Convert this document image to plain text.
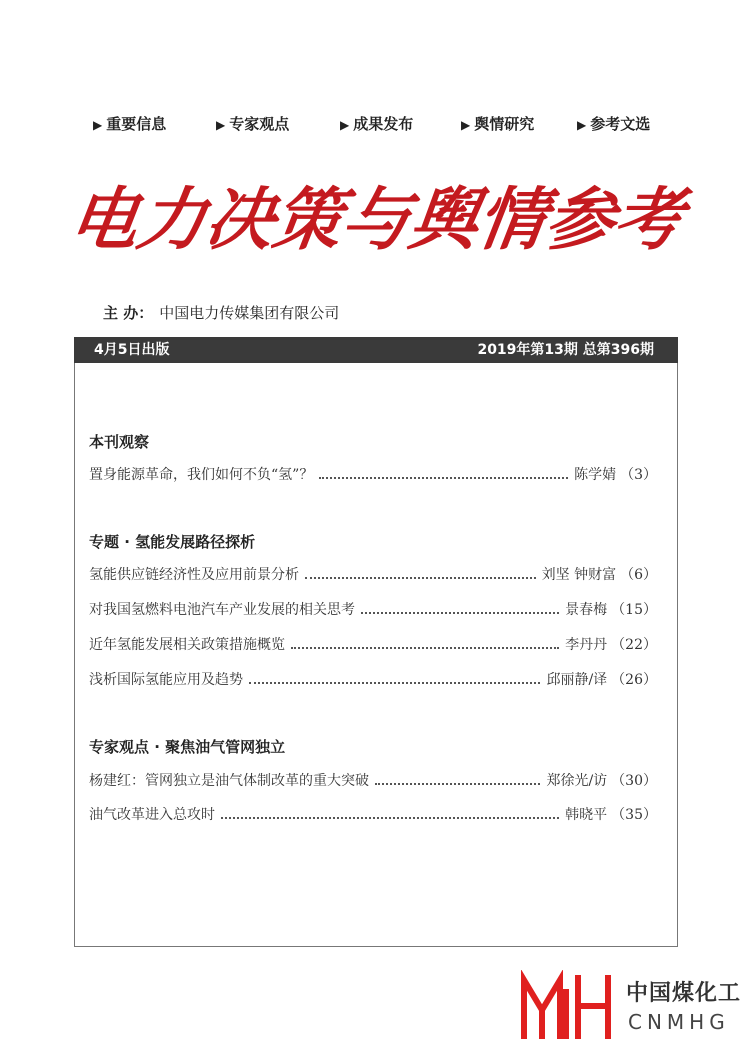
▶ 重要信息	▶ 专家观点	▶ 成果发布	▶ 舆情研究	▶ 参考文选
电
力
决
策
与
舆
情
参
考
主 办： 中国电力传媒集团有限公司
4月5日出版	2019年第13期 总第396期
本刊观察
置身能源革命，我们如何不负“氢”？	陈学婧 （3）
专题 · 氢能发展路径探析
氢能供应链经济性及应用前景分析	刘坚 钟财富 （6）
对我国氢燃料电池汽车产业发展的相关思考	景春梅 （15）
近年氢能发展相关政策措施概览	李丹丹 （22）
浅析国际氢能应用及趋势	邱丽静/译 （26）
专家观点 · 聚焦油气管网独立
杨建红：管网独立是油气体制改革的重大突破	郑徐光/访 （30）
油气改革进入总攻时	韩晓平 （35）
中国煤化工
CNMHG
